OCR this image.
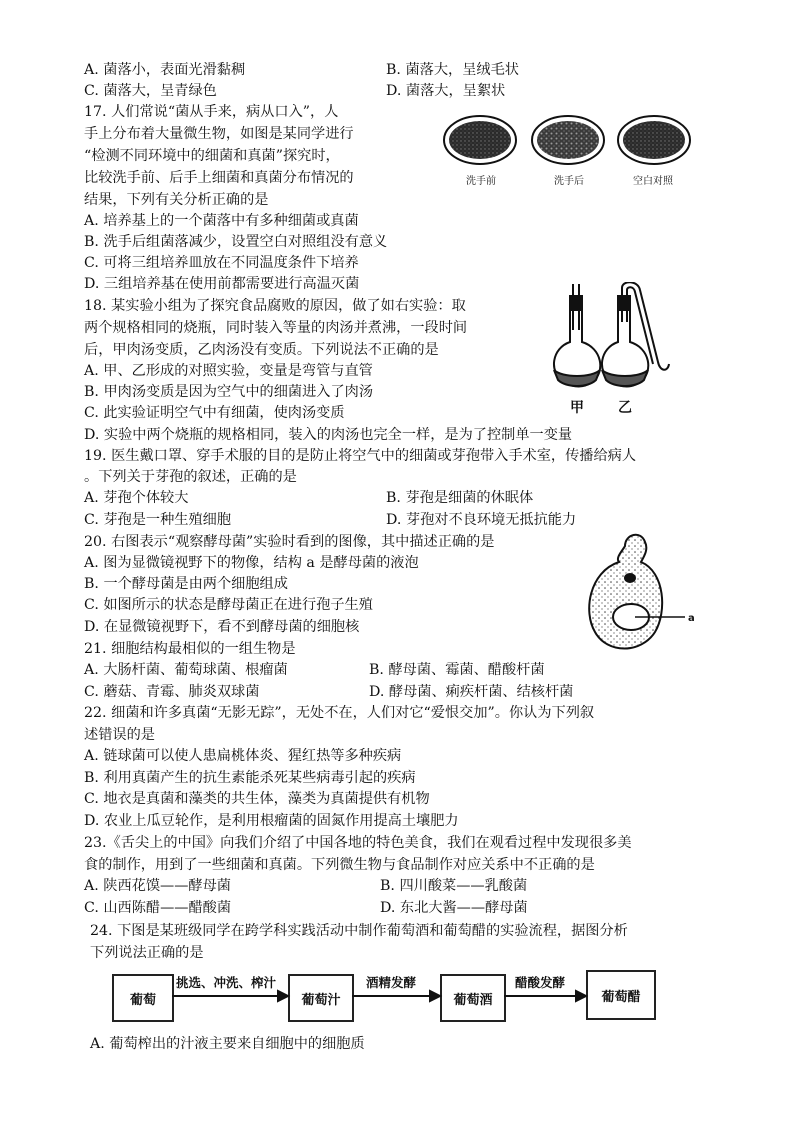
A. 菌落小，表面光滑黏稠	B. 菌落大，呈绒毛状
C. 菌落大，呈青绿色	D. 菌落大，呈絮状
17. 人们常说“菌从手来，病从口入”，人
手上分布着大量微生物，如图是某同学进行
“检测不同环境中的细菌和真菌”探究时，
比较洗手前、后手上细菌和真菌分布情况的
结果，下列有关分析正确的是
A. 培养基上的一个菌落中有多种细菌或真菌
B. 洗手后组菌落减少，设置空白对照组没有意义
C. 可将三组培养皿放在不同温度条件下培养
D. 三组培养基在使用前都需要进行高温灭菌
洗手前	洗手后	空白对照
18. 某实验小组为了探究食品腐败的原因，做了如右实验：取
两个规格相同的烧瓶，同时装入等量的肉汤并煮沸，一段时间
后，甲肉汤变质，乙肉汤没有变质。下列说法不正确的是
A. 甲、乙形成的对照实验，变量是弯管与直管
B. 甲肉汤变质是因为空气中的细菌进入了肉汤
C. 此实验证明空气中有细菌，使肉汤变质
D. 实验中两个烧瓶的规格相同，装入的肉汤也完全一样，是为了控制单一变量
甲 乙
19. 医生戴口罩、穿手术服的目的是防止将空气中的细菌或芽孢带入手术室，传播给病人
。下列关于芽孢的叙述，正确的是
A. 芽孢个体较大	B. 芽孢是细菌的休眠体
C. 芽孢是一种生殖细胞	D. 芽孢对不良环境无抵抗能力
20. 右图表示“观察酵母菌”实验时看到的图像，其中描述正确的是
A. 图为显微镜视野下的物像，结构 a 是酵母菌的液泡
B. 一个酵母菌是由两个细胞组成
C. 如图所示的状态是酵母菌正在进行孢子生殖
D. 在显微镜视野下，看不到酵母菌的细胞核
a
21. 细胞结构最相似的一组生物是
A. 大肠杆菌、葡萄球菌、根瘤菌	B. 酵母菌、霉菌、醋酸杆菌
C. 蘑菇、青霉、肺炎双球菌	D. 酵母菌、痢疾杆菌、结核杆菌
22. 细菌和许多真菌“无影无踪”，无处不在，人们对它“爱恨交加”。你认为下列叙
述错误的是
A. 链球菌可以使人患扁桃体炎、猩红热等多种疾病
B. 利用真菌产生的抗生素能杀死某些病毒引起的疾病
C. 地衣是真菌和藻类的共生体，藻类为真菌提供有机物
D. 农业上瓜豆轮作，是利用根瘤菌的固氮作用提高土壤肥力
23.《舌尖上的中国》向我们介绍了中国各地的特色美食，我们在观看过程中发现很多美
食的制作，用到了一些细菌和真菌。下列微生物与食品制作对应关系中不正确的是
A. 陕西花馍——酵母菌	B. 四川酸菜——乳酸菌
C. 山西陈醋——醋酸菌	D. 东北大酱——酵母菌
24. 下图是某班级同学在跨学科实践活动中制作葡萄酒和葡萄醋的实验流程，据图分析
下列说法正确的是
葡萄	葡萄汁	葡萄酒	葡萄醋
挑选、冲洗、榨汁	酒精发酵	醋酸发酵
A. 葡萄榨出的汁液主要来自细胞中的细胞质
